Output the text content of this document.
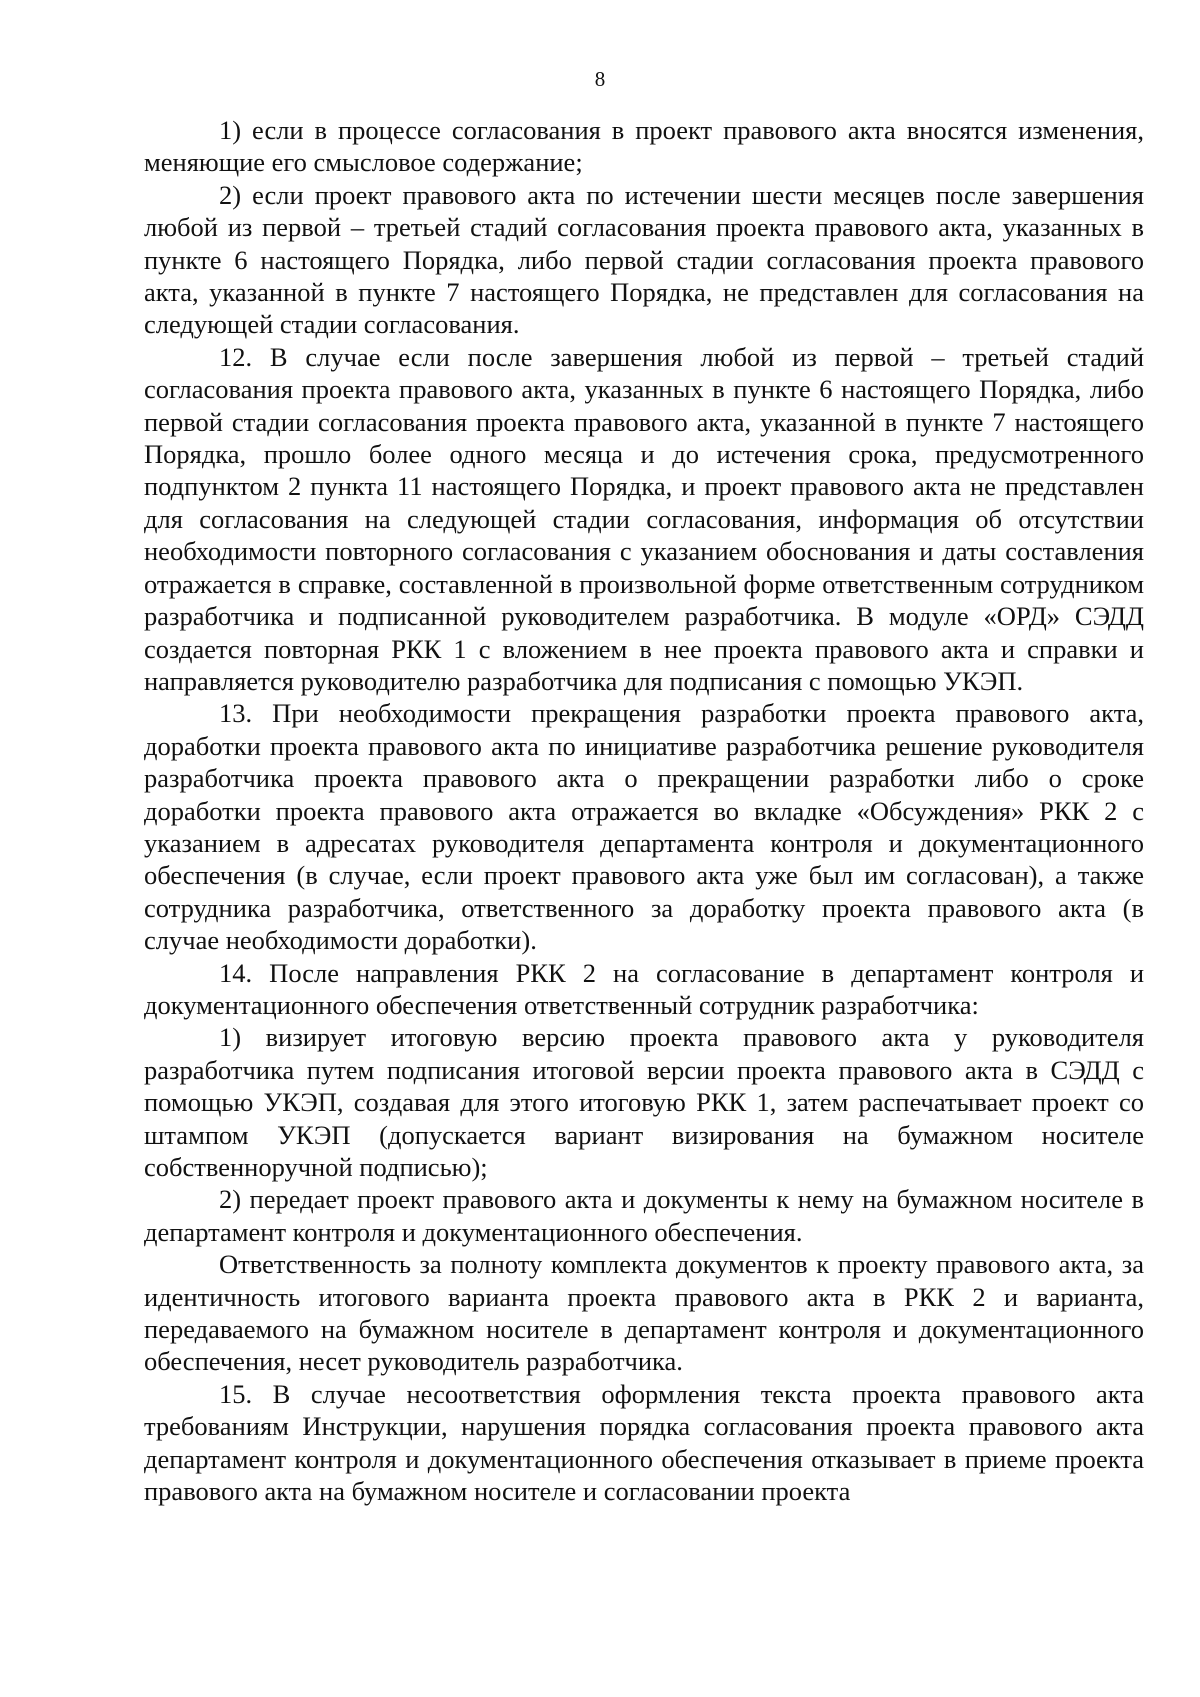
8

1) если в процессе согласования в проект правового акта вносятся изменения, меняющие его смысловое содержание;

2) если проект правового акта по истечении шести месяцев после завершения любой из первой – третьей стадий согласования проекта правового акта, указанных в пункте 6 настоящего Порядка, либо первой стадии согласования проекта правового акта, указанной в пункте 7 настоящего Порядка, не представлен для согласования на следующей стадии согласования.

12. В случае если после завершения любой из первой – третьей стадий согласования проекта правового акта, указанных в пункте 6 настоящего Порядка, либо первой стадии согласования проекта правового акта, указанной в пункте 7 настоящего Порядка, прошло более одного месяца и до истечения срока, предусмотренного подпунктом 2 пункта 11 настоящего Порядка, и проект правового акта не представлен для согласования на следующей стадии согласования, информация об отсутствии необходимости повторного согласования с указанием обоснования и даты составления отражается в справке, составленной в произвольной форме ответственным сотрудником разработчика и подписанной руководителем разработчика. В модуле «ОРД» СЭДД создается повторная РКК 1 с вложением в нее проекта правового акта и справки и направляется руководителю разработчика для подписания с помощью УКЭП.

13. При необходимости прекращения разработки проекта правового акта, доработки проекта правового акта по инициативе разработчика решение руководителя разработчика проекта правового акта о прекращении разработки либо о сроке доработки проекта правового акта отражается во вкладке «Обсуждения» РКК 2 с указанием в адресатах руководителя департамента контроля и документационного обеспечения (в случае, если проект правового акта уже был им согласован), а также сотрудника разработчика, ответственного за доработку проекта правового акта (в случае необходимости доработки).

14. После направления РКК 2 на согласование в департамент контроля и документационного обеспечения ответственный сотрудник разработчика:

1) визирует итоговую версию проекта правового акта у руководителя разработчика путем подписания итоговой версии проекта правового акта в СЭДД с помощью УКЭП, создавая для этого итоговую РКК 1, затем распечатывает проект со штампом УКЭП (допускается вариант визирования на бумажном носителе собственноручной подписью);

2) передает проект правового акта и документы к нему на бумажном носителе в департамент контроля и документационного обеспечения.

Ответственность за полноту комплекта документов к проекту правового акта, за идентичность итогового варианта проекта правового акта в РКК 2 и варианта, передаваемого на бумажном носителе в департамент контроля и документационного обеспечения, несет руководитель разработчика.

15. В случае несоответствия оформления текста проекта правового акта требованиям Инструкции, нарушения порядка согласования проекта правового акта департамент контроля и документационного обеспечения отказывает в приеме проекта правового акта на бумажном носителе и согласовании проекта
